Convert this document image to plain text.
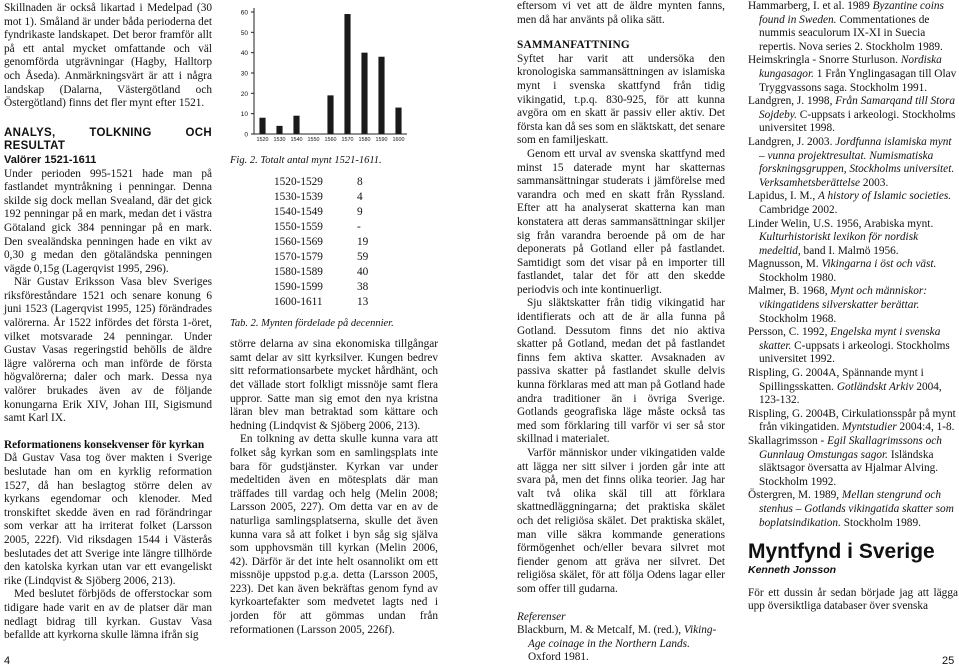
Skillnaden är också likartad i Medelpad (30 mot 1). Småland är under båda perioderna det fyndrikaste landskapet. Det beror framför allt på ett antal mycket omfattande och väl genomförda utgrävningar (Hagby, Halltorp och Åseda). Anmärkningsvärt är att i några landskap (Dalarna, Västergötland och Östergötland) finns det fler mynt efter 1521.

ANALYS, TOLKNING OCH RESULTAT

Valörer 1521-1611

Under perioden 995-1521 hade man på fastlandet myntråkning i penningar. Denna skilde sig dock mellan Svealand, där det gick 192 penningar på en mark, medan det i västra Götaland gick 384 penningar på en mark. Den svealändska penningen hade en vikt av 0,30 g medan den götaländska penningen vägde 0,15g (Lagerqvist 1995, 296).

När Gustav Eriksson Vasa blev Sveriges riksföreståndare 1521 och senare konung 6 juni 1523 (Lagerqvist 1995, 125) förändrades valörerna. År 1522 infördes det första 1-öret, vilket motsvarade 24 penningar. Under Gustav Vasas regeringstid behölls de äldre lägre valörerna och man införde de första högvalörerna; daler och mark. Dessa nya valörer brukades även av de följande konungarna Erik XIV, Johan III, Sigismund samt Karl IX.

Reformationens konsekvenser för kyrkan

Då Gustav Vasa tog över makten i Sverige beslutade han om en kyrklig reformation 1527, då han beslagtog större delen av kyrkans egendomar och klenoder. Med tronskiftet skedde även en rad förändringar som verkar att ha irriterat folket (Larsson 2005, 222f). Vid riksdagen 1544 i Västerås beslutades det att Sverige inte längre tillhörde den katolska kyrkan utan var ett evangeliskt rike (Lindqvist & Sjöberg 2006, 213).

Med beslutet förbjöds de offerstockar som tidigare hade varit en av de platser där man nedlagt bidrag till kyrkan. Gustav Vasa befallde att kyrkorna skulle lämna ifrån sig

0
10
20
30
40
50
60
1520 1530 1540 1550 1560 1570 1580 1590 1600

Fig. 2. Totalt antal mynt 1521-1611.

1520-1529	8
1530-1539	4
1540-1549	9
1550-1559	-
1560-1569	19
1570-1579	59
1580-1589	40
1590-1599	38
1600-1611	13

Tab. 2. Mynten fördelade på decennier.

större delarna av sina ekonomiska tillgångar samt delar av sitt kyrksilver. Kungen bedrev sitt reformationsarbete mycket hårdhänt, och det vällade stort folkligt missnöje samt flera uppror. Satte man sig emot den nya kristna läran blev man betraktad som kättare och hedning (Lindqvist & Sjöberg 2006, 213).

En tolkning av detta skulle kunna vara att folket såg kyrkan som en samlingsplats inte bara för gudstjänster. Kyrkan var under medeltiden även en mötesplats där man träffades till vardag och helg (Melin 2008; Larsson 2005, 227). Om detta var en av de naturliga samlingsplatserna, skulle det även kunna vara så att folket i byn såg sig själva som upphovsmän till kyrkan (Melin 2006, 42). Därför är det inte helt osannolikt om ett missnöje uppstod p.g.a. detta (Larsson 2005, 223). Det kan även bekräftas genom fynd av kyrkoartefakter som medvetet lagts ned i jorden för att gömmas undan från reformationen (Larsson 2005, 226f).

eftersom vi vet att de äldre mynten fanns, men då har använts på olika sätt.

SAMMANFATTNING

Syftet har varit att undersöka den kronologiska sammansättningen av islamiska mynt i svenska skattfynd från tidig vikingatid, t.p.q. 830-925, för att kunna avgöra om en skatt är passiv eller aktiv. Det första kan då ses som en släktskatt, det senare som en familjeskatt.

Genom ett urval av svenska skattfynd med minst 15 daterade mynt har skatternas sammansättningar studerats i jämförelse med varandra och med en skatt från Ryssland. Efter att ha analyserat skatterna kan man konstatera att deras sammansättningar skiljer sig från varandra beroende på om de har deponerats på Gotland eller på fastlandet. Samtidigt som det visar på en importer till fastlandet, talar det för att den skedde periodvis och inte kontinuerligt.

Sju släktskatter från tidig vikingatid har identifierats och att de är alla funna på Gotland. Dessutom finns det nio aktiva skatter på Gotland, medan det på fastlandet finns fem aktiva skatter. Avsaknaden av passiva skatter på fastlandet skulle delvis kunna förklaras med att man på Gotland hade andra traditioner än i övriga Sverige. Gotlands geografiska läge måste också tas med som förklaring till varför vi ser så stor skillnad i materialet.

Varför människor under vikingatiden valde att lägga ner sitt silver i jorden går inte att svara på, men det finns olika teorier. Jag har valt två olika skäl till att förklara skattnedläggningarna; det praktiska skälet och det religiösa skälet. Det praktiska skälet, man ville säkra kommande generations förmögenhet och/eller bevara silvret mot fiender genom att gräva ner silvret. Det religiösa skälet, för att följa Odens lagar eller som offer till gudarna.

Referenser

Blackburn, M. & Metcalf, M. (red.), Viking-Age coinage in the Northern Lands. Oxford 1981.

Hammarberg, I. et al. 1989 Byzantine coins found in Sweden. Commentationes de nummis seaculorum IX-XI in Suecia repertis. Nova series 2. Stockholm 1989.

Heimskringla - Snorre Sturluson. Nordiska kungasagor. 1 Från Ynglingasagan till Olav Tryggvassons saga. Stockholm 1991.

Landgren, J. 1998, Från Samarqand till Stora Sojdeby. C-uppsats i arkeologi. Stockholms universitet 1998.

Landgren, J. 2003. Jordfunna islamiska mynt – vunna projektresultat. Numismatiska forskningsgruppen, Stockholms universitet. Verksamhetsberättelse 2003.

Lapidus, I. M., A history of Islamic societies. Cambridge 2002.

Linder Welin, U.S. 1956, Arabiska mynt. Kulturhistoriskt lexikon för nordisk medeltid, band I. Malmö 1956.

Magnusson, M. Vikingarna i öst och väst. Stockholm 1980.

Malmer, B. 1968, Mynt och människor: vikingatidens silverskatter berättar. Stockholm 1968.

Persson, C. 1992, Engelska mynt i svenska skatter. C-uppsats i arkeologi. Stockholms universitet 1992.

Rispling, G. 2004A, Spännande mynt i Spillingsskatten. Gotländskt Arkiv 2004, 123-132.

Rispling, G. 2004B, Cirkulationsspår på mynt från vikingatiden. Myntstudier 2004:4, 1-8.

Skallagrimsson - Egil Skallagrimssons och Gunnlaug Omstungas sagor. Isländska släktsagor översatta av Hjalmar Alving. Stockholm 1992.

Östergren, M. 1989, Mellan stengrund och stenhus – Gotlands vikingatida skatter som boplatsindikation. Stockholm 1989.

Myntfynd i Sverige

Kenneth Jonsson

För ett dussin år sedan började jag att lägga upp översiktliga databaser över svenska

4	25
